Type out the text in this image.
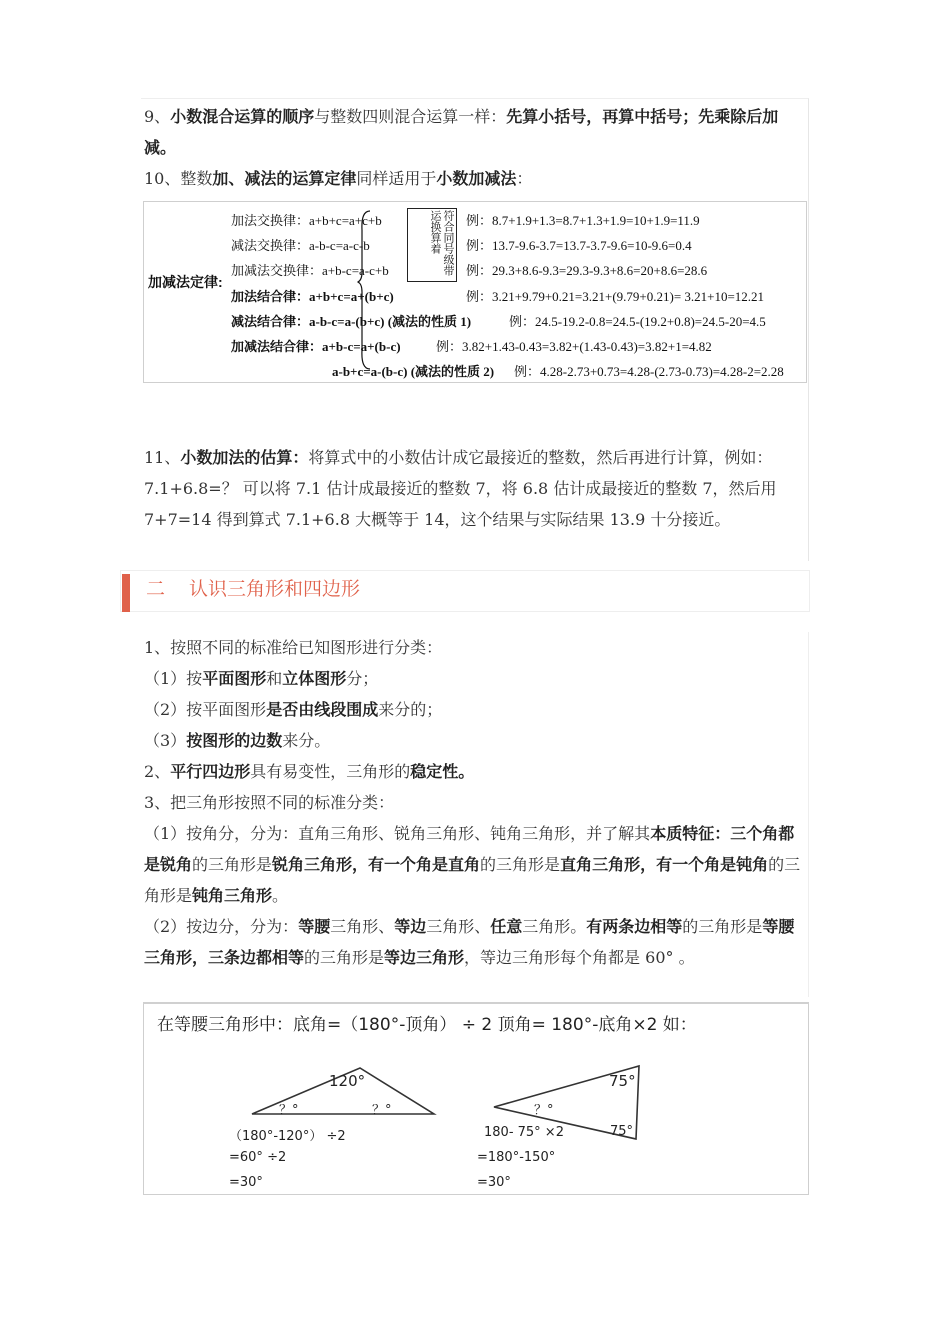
9、小数混合运算的顺序与整数四则混合运算一样：先算小括号，再算中括号；先乘除后加减。

10、整数加、减法的运算定律同样适用于小数加减法：

11、小数加法的估算：将算式中的小数估计成它最接近的整数，然后再进行计算，例如：7.1+6.8=？ 可以将 7.1 估计成最接近的整数 7，将 6.8 估计成最接近的整数 7，然后用 7+7=14 得到算式 7.1+6.8 大概等于 14，这个结果与实际结果 13.9 十分接近。

加减法定律:
符合同号级带运换算着
加法交换律：a+b+c=a+c+b	例：8.7+1.9+1.3=8.7+1.3+1.9=10+1.9=11.9
减法交换律：a-b-c=a-c-b	例：13.7-9.6-3.7=13.7-3.7-9.6=10-9.6=0.4
加减法交换律：a+b-c=a-c+b	例：29.3+8.6-9.3=29.3-9.3+8.6=20+8.6=28.6
加法结合律：a+b+c=a+(b+c)	例：3.21+9.79+0.21=3.21+(9.79+0.21)= 3.21+10=12.21
减法结合律：a-b-c=a-(b+c) (减法的性质 1)	例：24.5-19.2-0.8=24.5-(19.2+0.8)=24.5-20=4.5
加减法结合律：a+b-c=a+(b-c)	例：3.82+1.43-0.43=3.82+(1.43-0.43)=3.82+1=4.82
a-b+c=a-(b-c) (减法的性质 2) 例：4.28-2.73+0.73=4.28-(2.73-0.73)=4.28-2=2.28
二 认识三角形和四边形

1、按照不同的标准给已知图形进行分类：

（1）按平面图形和立体图形分；

（2）按平面图形是否由线段围成来分的；

（3）按图形的边数来分。

2、平行四边形具有易变性，三角形的稳定性。

3、把三角形按照不同的标准分类：

（1）按角分，分为：直角三角形、锐角三角形、钝角三角形，并了解其本质特征：三个角都是锐角的三角形是锐角三角形，有一个角是直角的三角形是直角三角形，有一个角是钝角的三角形是钝角三角形。

（2）按边分，分为：等腰三角形、等边三角形、任意三角形。有两条边相等的三角形是等腰三角形，三条边都相等的三角形是等边三角形，等边三角形每个角都是 60° 。

在等腰三角形中：底角=（180°-顶角） ÷ 2 顶角= 180°-底角×2 如：
120°
？°	？°
（180°-120°） ÷2
=60° ÷2
=30°
75°
75°
？°
180- 75° ×2
=180°-150°
=30°
